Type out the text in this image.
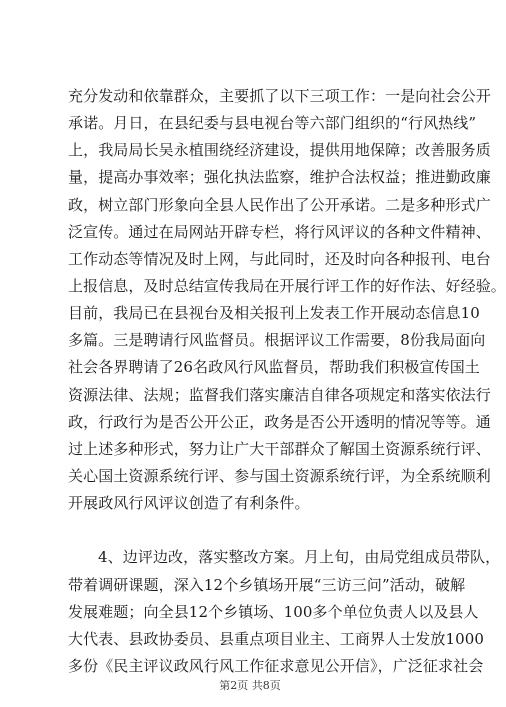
充分发动和依靠群众，主要抓了以下三项工作：一是向社会公开
承诺。月日，在县纪委与县电视台等六部门组织的“行风热线”
上，我局局长吴永植围绕经济建设，提供用地保障；改善服务质
量，提高办事效率；强化执法监察，维护合法权益；推进勤政廉
政，树立部门形象向全县人民作出了公开承诺。二是多种形式广
泛宣传。通过在局网站开辟专栏，将行风评议的各种文件精神、
工作动态等情况及时上网，与此同时，还及时向各种报刊、电台
上报信息，及时总结宣传我局在开展行评工作的好作法、好经验。
目前，我局已在县视台及相关报刊上发表工作开展动态信息10
多篇。三是聘请行风监督员。根据评议工作需要，8份我局面向
社会各界聘请了26名政风行风监督员，帮助我们积极宣传国土
资源法律、法规；监督我们落实廉洁自律各项规定和落实依法行
政，行政行为是否公开公正，政务是否公开透明的情况等等。通
过上述多种形式，努力让广大干部群众了解国土资源系统行评、
关心国土资源系统行评、参与国土资源系统行评，为全系统顺利
开展政风行风评议创造了有利条件。
4、边评边改，落实整改方案。月上旬，由局党组成员带队，
带着调研课题，深入12个乡镇场开展“三访三问”活动，破解
发展难题；向全县12个乡镇场、100多个单位负责人以及县人
大代表、县政协委员、县重点项目业主、工商界人士发放1000
多份《民主评议政风行风工作征求意见公开信》，广泛征求社会
第2页 共8页
